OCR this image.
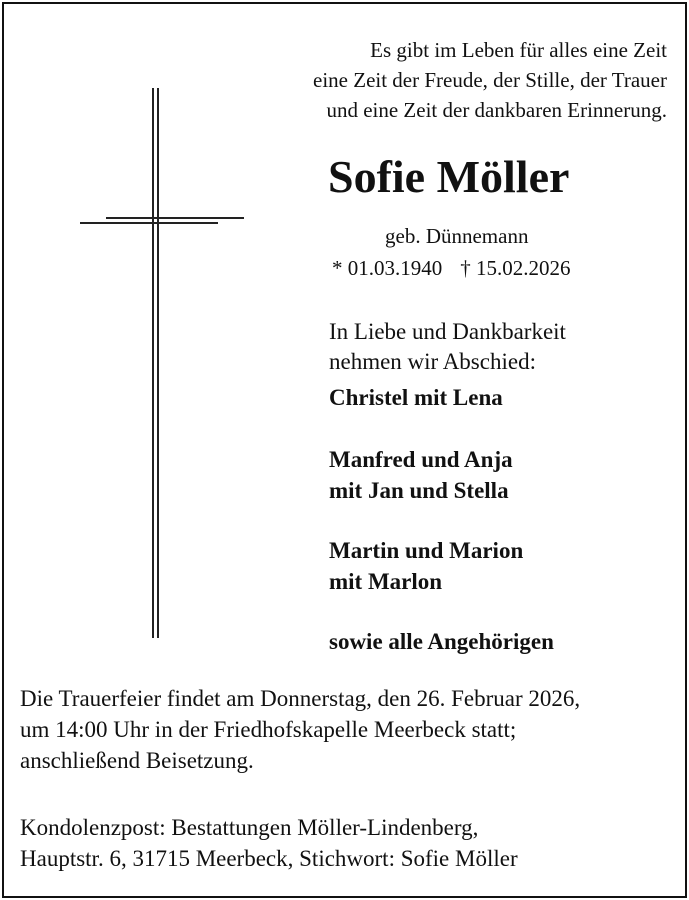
Es gibt im Leben für alles eine Zeit
eine Zeit der Freude, der Stille, der Trauer
und eine Zeit der dankbaren Erinnerung.
Sofie Möller
geb. Dünnemann
* 01.03.1940 † 15.02.2026
In Liebe und Dankbarkeit
nehmen wir Abschied:
Christel mit Lena
Manfred und Anja
mit Jan und Stella
Martin und Marion
mit Marlon
sowie alle Angehörigen
Die Trauerfeier findet am Donnerstag, den 26. Februar 2026,
um 14:00 Uhr in der Friedhofskapelle Meerbeck statt;
anschließend Beisetzung.
Kondolenzpost: Bestattungen Möller-Lindenberg,
Hauptstr. 6, 31715 Meerbeck, Stichwort: Sofie Möller
